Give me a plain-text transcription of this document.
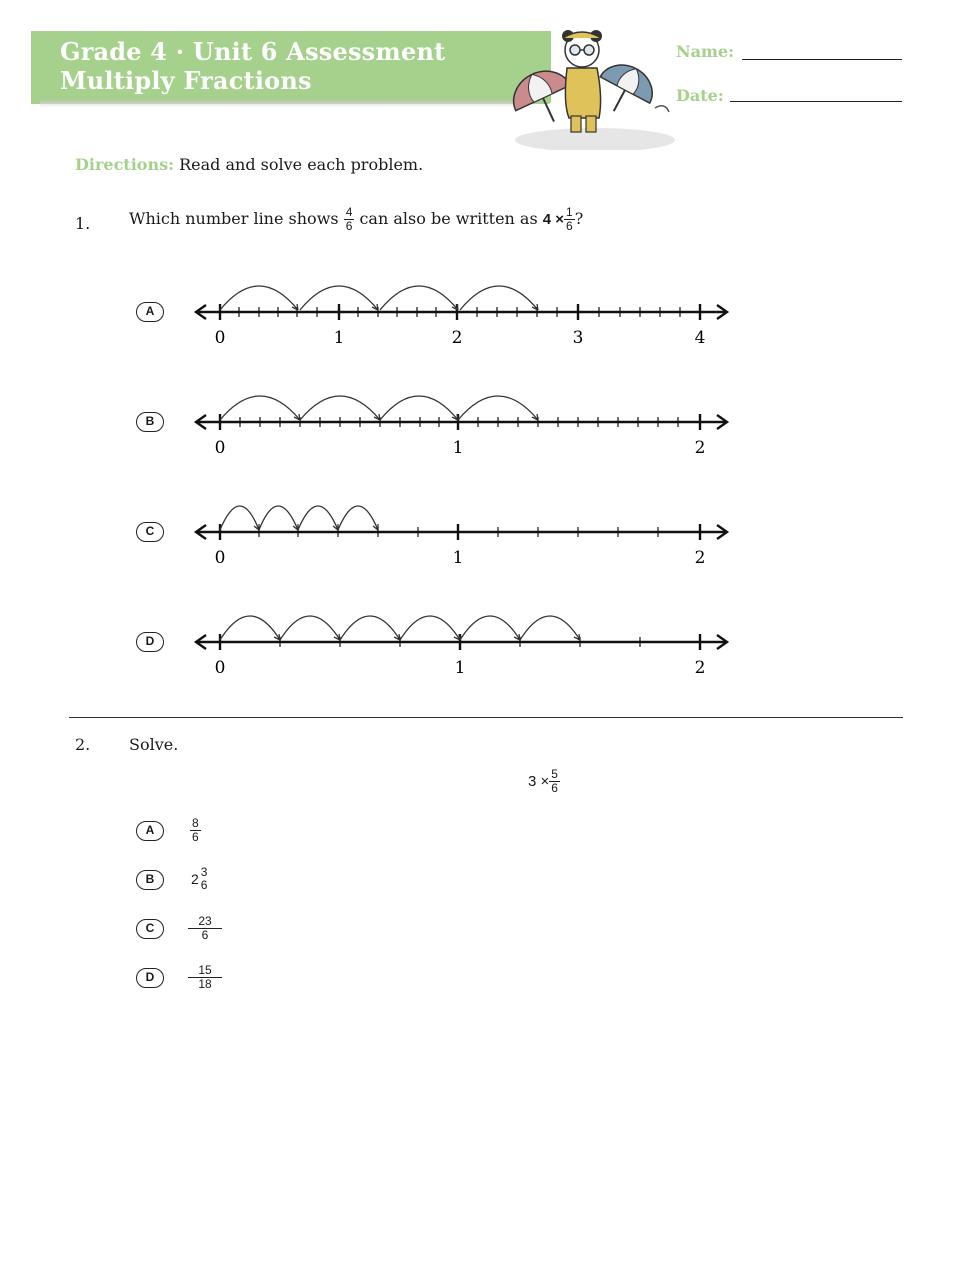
Grade 4 · Unit 6 Assessment
Multiply Fractions
Name:
Date:
Directions: Read and solve each problem.
1. Which number line shows $\frac{4}{6}$ can also be written as $4 \times \frac{1}{6}$ ?
A
B
C
D
0	1	2	3	4
0	1	2
0	1	2
0	1	2
2. Solve.
$3 \times \frac{5}{6}$
A	$\frac{8}{6}$
B	2 3
6
C	$\frac{23}{6}$
D	$\frac{15}{18}$
